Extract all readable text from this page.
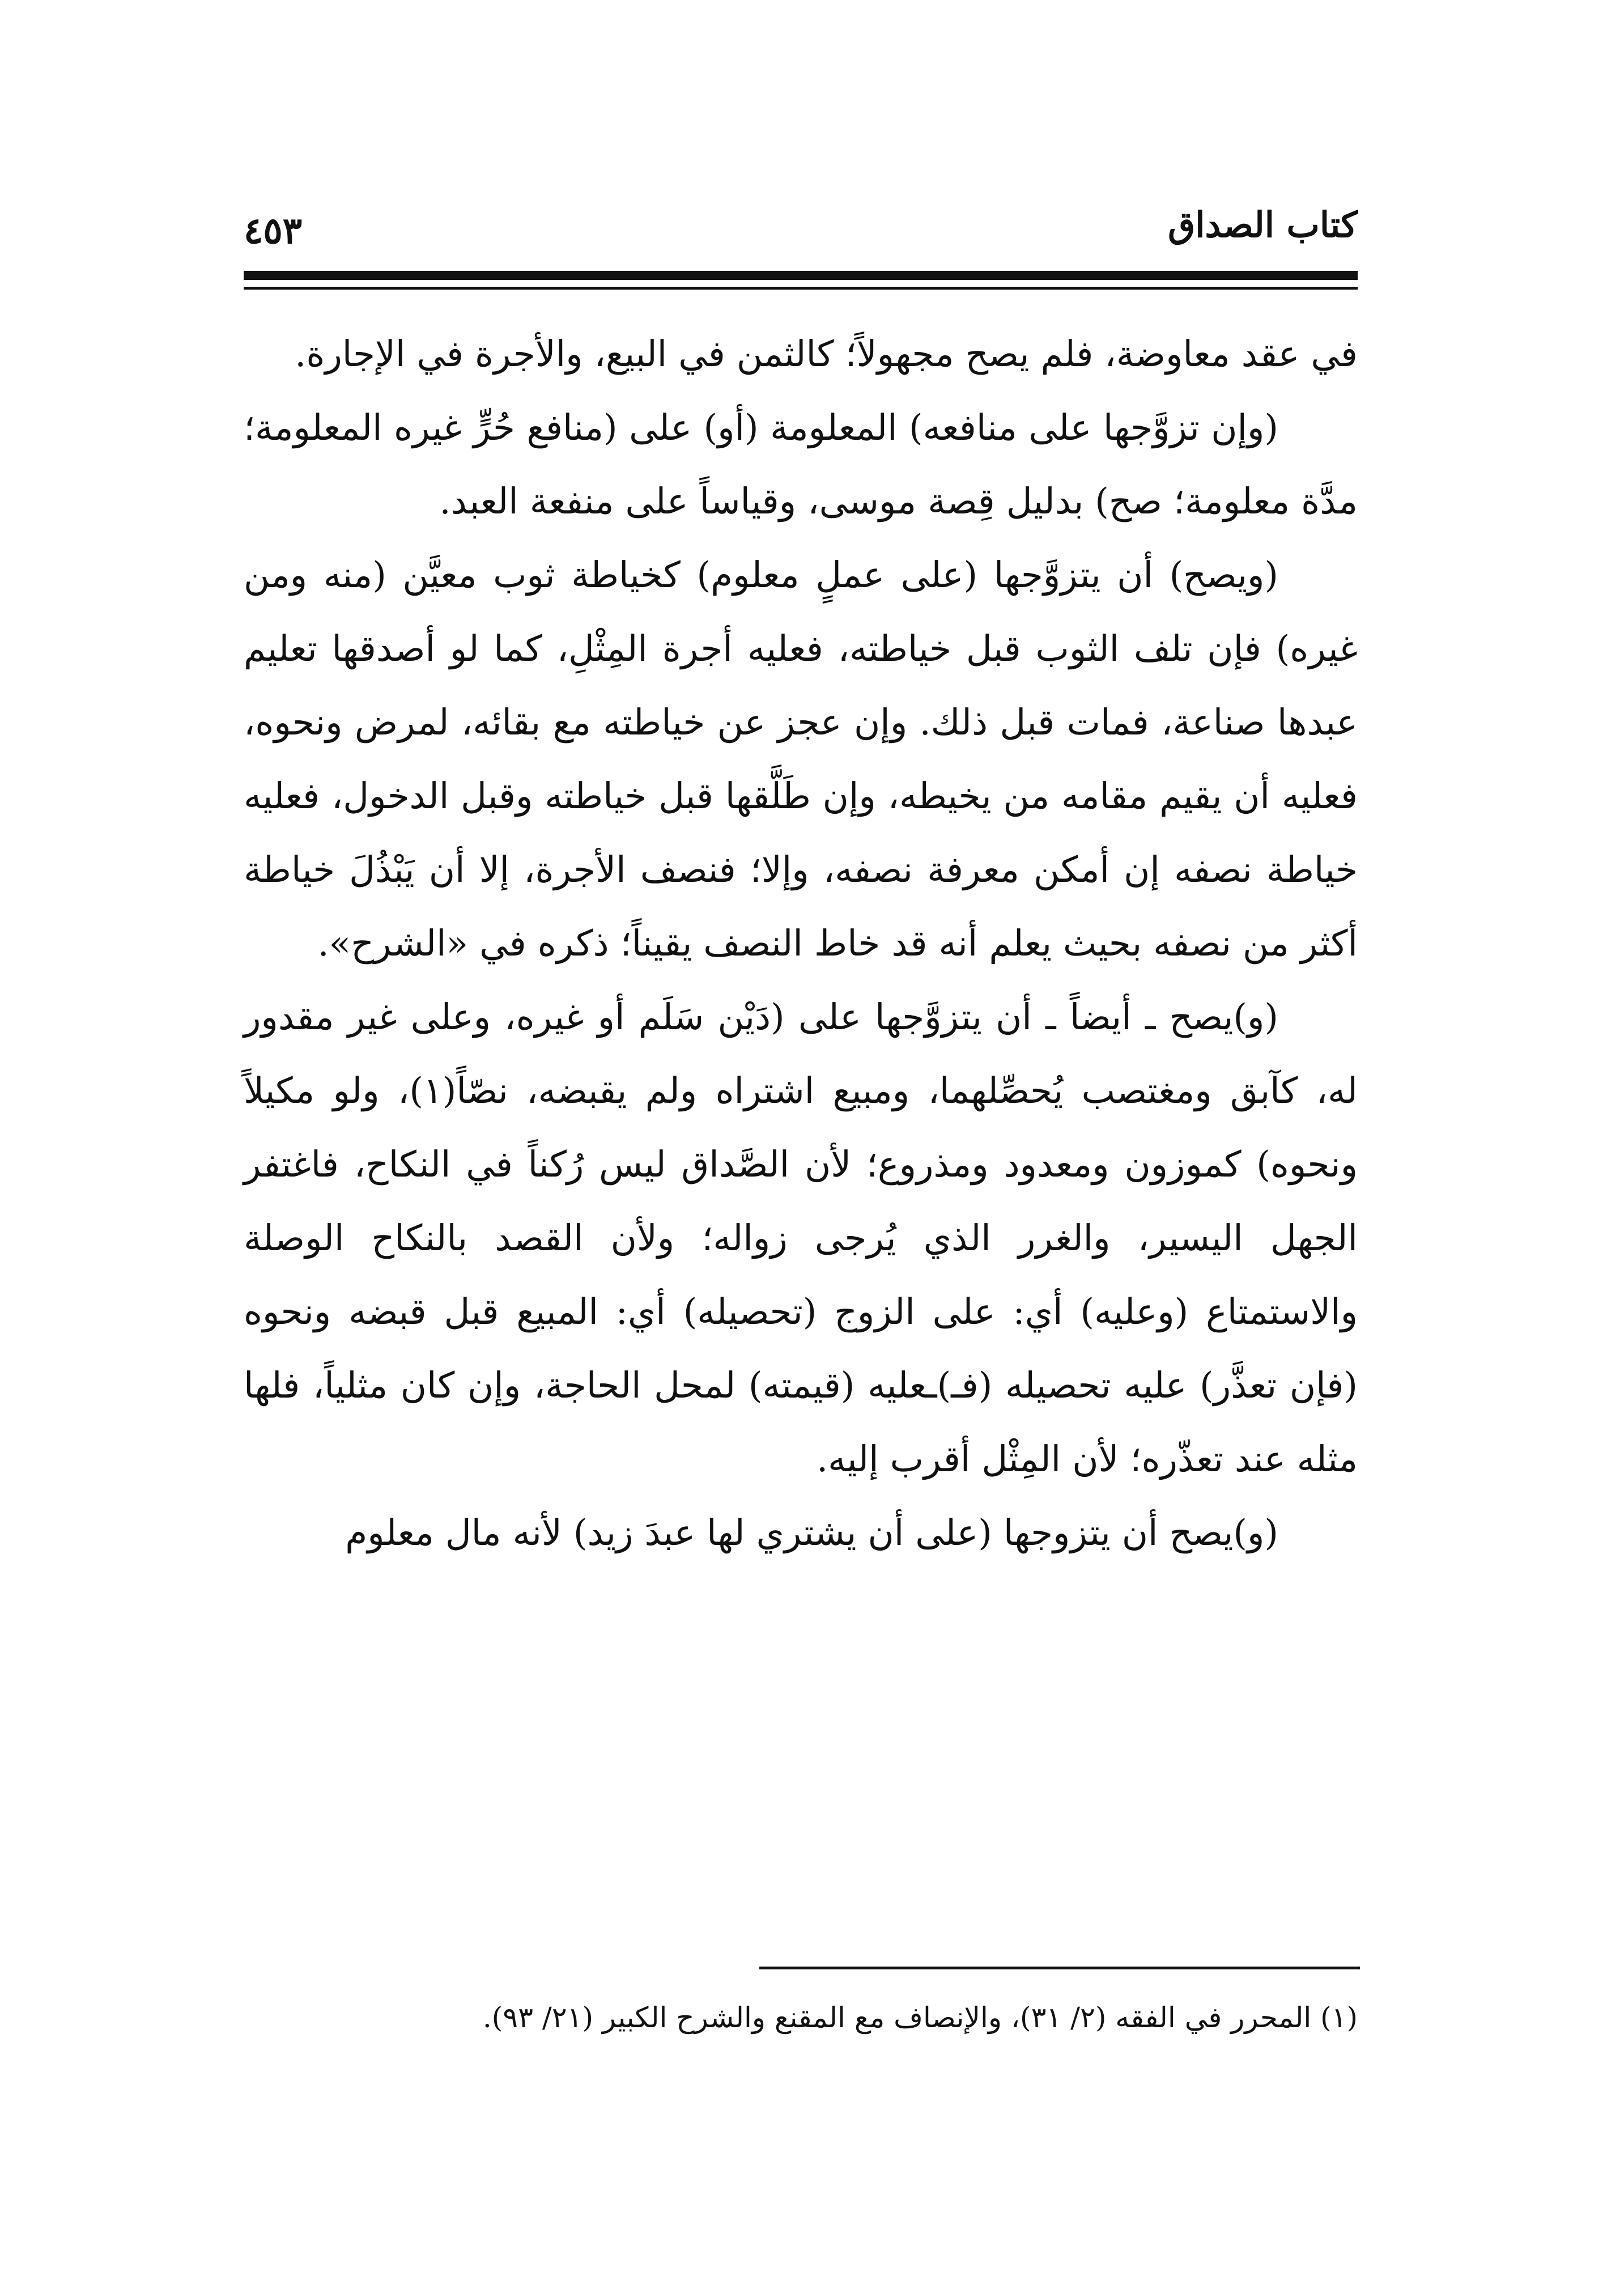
كتاب الصداق
٤٥٣

في عقد معاوضة، فلم يصح مجهولاً؛ كالثمن في البيع، والأجرة في الإجارة.

(وإن تزوَّجها على منافعه) المعلومة (أو) على (منافع حُرٍّ غيره المعلومة؛ مدَّة معلومة؛ صح) بدليل قِصة موسى، وقياساً على منفعة العبد.

(ويصح) أن يتزوَّجها (على عملٍ معلوم) كخياطة ثوب معيَّن (منه ومن غيره) فإن تلف الثوب قبل خياطته، فعليه أجرة المِثْلِ، كما لو أصدقها تعليم عبدها صناعة، فمات قبل ذلك. وإن عجز عن خياطته مع بقائه، لمرض ونحوه، فعليه أن يقيم مقامه من يخيطه، وإن طَلَّقها قبل خياطته وقبل الدخول، فعليه خياطة نصفه إن أمكن معرفة نصفه، وإلا؛ فنصف الأجرة، إلا أن يَبْذُلَ خياطة أكثر من نصفه بحيث يعلم أنه قد خاط النصف يقيناً؛ ذكره في «الشرح».

(و)يصح ـ أيضاً ـ أن يتزوَّجها على (دَيْن سَلَم أو غيره، وعلى غير مقدور له، كآبق ومغتصب يُحصِّلهما، ومبيع اشتراه ولم يقبضه، نصّاً(١)، ولو مكيلاً ونحوه) كموزون ومعدود ومذروع؛ لأن الصَّداق ليس رُكناً في النكاح، فاغتفر الجهل اليسير، والغرر الذي يُرجى زواله؛ ولأن القصد بالنكاح الوصلة والاستمتاع (وعليه) أي: على الزوج (تحصيله) أي: المبيع قبل قبضه ونحوه (فإن تعذَّر) عليه تحصيله (فـ)ـعليه (قيمته) لمحل الحاجة، وإن كان مثلياً، فلها مثله عند تعذّره؛ لأن المِثْل أقرب إليه.

(و)يصح أن يتزوجها (على أن يشتري لها عبدَ زيد) لأنه مال معلوم

(١) المحرر في الفقه (٢/ ٣١)، والإنصاف مع المقنع والشرح الكبير (٢١/ ٩٣).
